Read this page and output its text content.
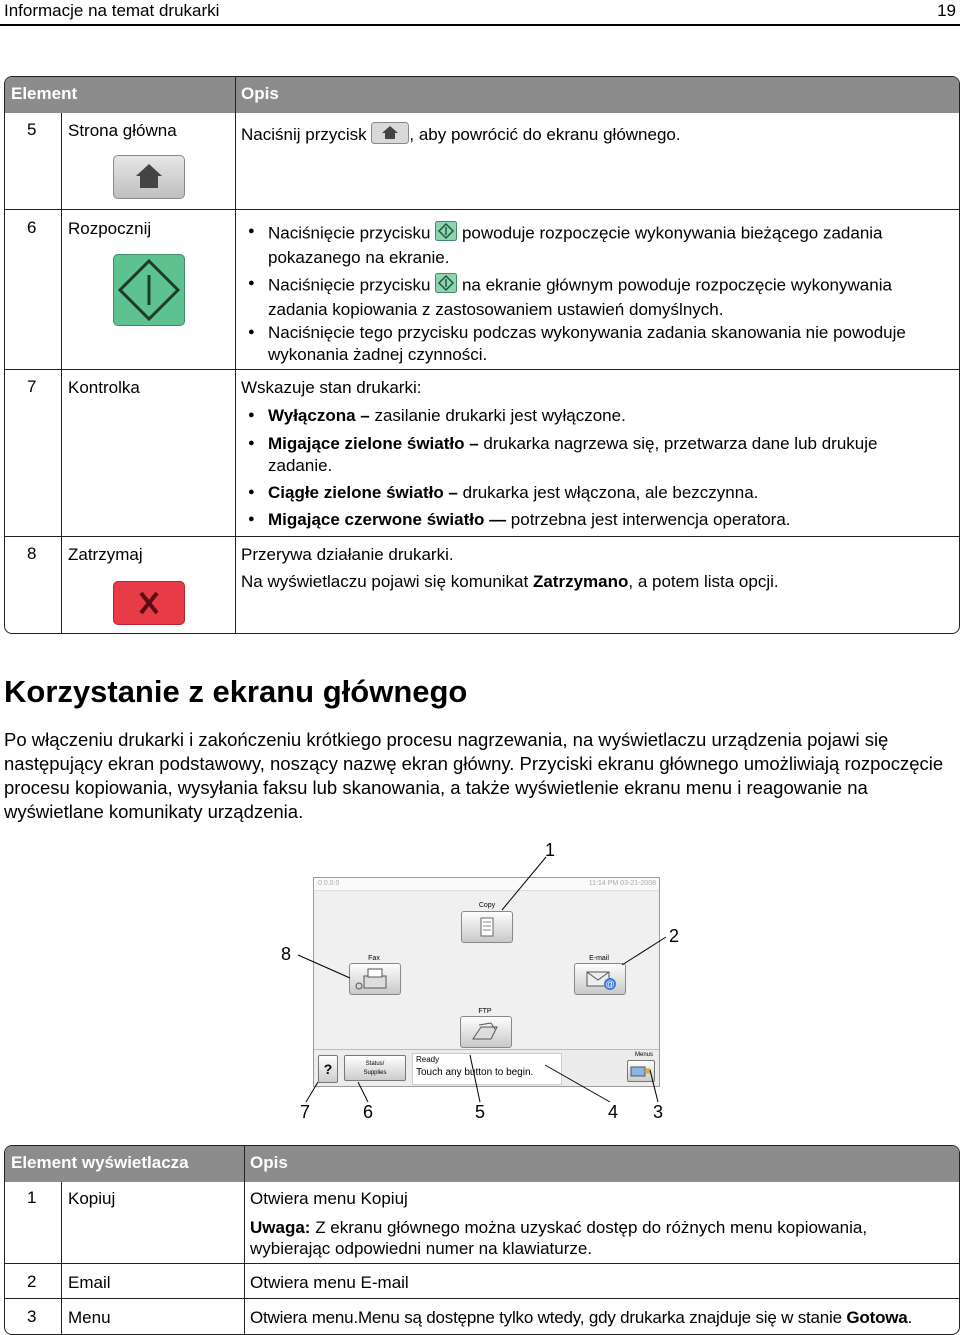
Informacje na temat drukarki	19
Element	Opis
5 Strona główna	Naciśnij przycisk	, aby powrócić do ekranu głównego.
6 Rozpocznij
●	Naciśnięcie przycisku powoduje rozpoczęcie wykonywania bieżącego zadania
pokazanego na ekranie.
● Naciśnięcie przycisku na ekranie głównym powoduje rozpoczęcie wykonywania
zadania kopiowania z zastosowaniem ustawień domyślnych.
● Naciśnięcie tego przycisku podczas wykonywania zadania skanowania nie powoduje
wykonania żadnej czynności.
7 Kontrolka	Wskazuje stan drukarki:
● Wyłączona – zasilanie drukarki jest wyłączone.
● Migające zielone światło – drukarka nagrzewa się, przetwarza dane lub drukuje
zadanie.
● Ciągłe zielone światło – drukarka jest włączona, ale bezczynna.
● Migające czerwone światło — potrzebna jest interwencja operatora.
8 Zatrzymaj	Przerywa działanie drukarki.
Na wyświetlaczu pojawi się komunikat Zatrzymano, a potem lista opcji.
Korzystanie z ekranu głównego
Po włączeniu drukarki i zakończeniu krótkiego procesu nagrzewania, na wyświetlaczu urządzenia pojawi się następujący ekran podstawowy, noszący nazwę ekran główny. Przyciski ekranu głównego umożliwiają rozpoczęcie procesu kopiowania, wysyłania faksu lub skanowania, a także wyświetlenie ekranu menu i reagowanie na wyświetlane komunikaty urządzenia.
0.0.0.0	11:14 PM 03-21-2008
Copy
Fax	E-mail
@
FTP
?	Status/ Supplies
Ready
Touch any button to begin.
Menus
1
2
3
4
5
6
7
8
Element wyświetlacza	Opis
1 Kopiuj	Otwiera menu Kopiuj
Uwaga: Z ekranu głównego można uzyskać dostęp do różnych menu kopiowania,
wybierając odpowiedni numer na klawiaturze.
2 Email	Otwiera menu E-mail
3 Menu	Otwiera menu.Menu są dostępne tylko wtedy, gdy drukarka znajduje się w stanie Gotowa.
